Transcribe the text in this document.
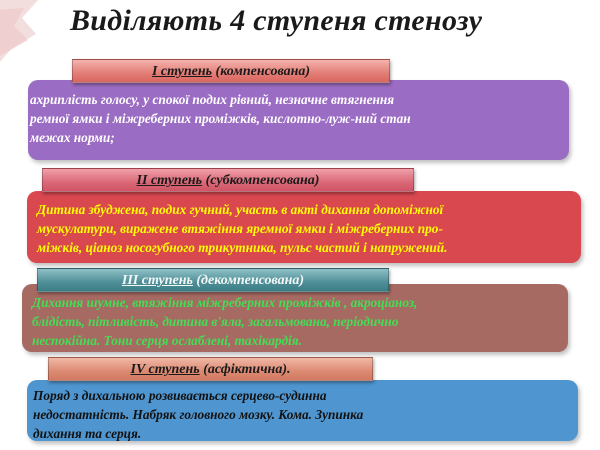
Виділяють 4 ступеня стенозу
ахриплість голосу, у спокої подих рівний, незначне втягнення
ремної ямки і міжреберних проміжків, кислотно-луж-ний стан
межах норми;
І ступень (компенсована)
Дитина збуджена, подих гучний, участь в акті дихання допоміжної
мускулатури, виражене втяжіння яремної ямки і міжреберних про-
міжків, ціаноз носогубного трикутника, пульс частий і напружений.
ІІ ступень (субкомпенсована)
Дихання шумне, втяжіння міжреберних проміжків , акроціаноз,
блідість, пітливість, дитина в'яла, загальмована, періодично
неспокійна. Тони серця ослаблені, тахікардія.
ІІІ ступень (декомпенсована)
Поряд з дихальною розвивається серцево-судинна
недостатність. Набряк головного мозку. Кома. Зупинка
дихання та серця.
ІV ступень (асфіктична).
